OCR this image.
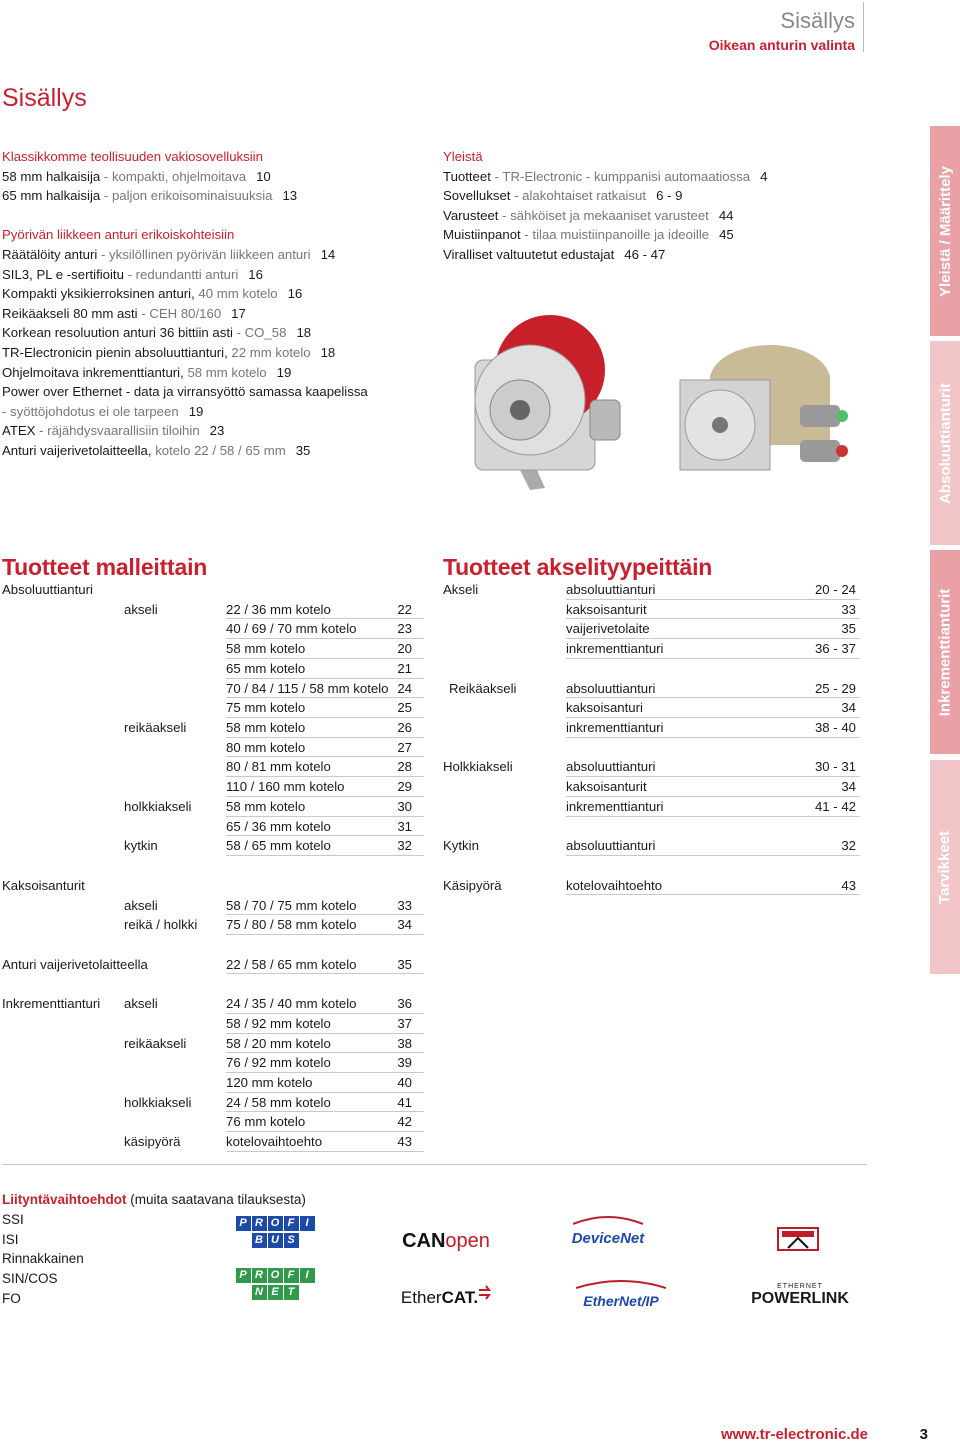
Sisällys
Oikean anturin valinta
Sisällys
Klassikkomme teollisuuden vakiosovelluksiin
58 mm halkaisija - kompakti, ohjelmoitava 10
65 mm halkaisija - paljon erikoisominaisuuksia 13
Pyörivän liikkeen anturi erikoiskohteisiin
Räätälöity anturi - yksilöllinen pyörivän liikkeen anturi 14
SIL3, PL e -sertifioitu - redundantti anturi 16
Kompakti yksikierroksinen anturi, 40 mm kotelo 16
Reikäakseli 80 mm asti - CEH 80/160 17
Korkean resoluution anturi 36 bittiin asti - CO_58 18
TR-Electronicin pienin absoluuttianturi, 22 mm kotelo 18
Ohjelmoitava inkrementtianturi, 58 mm kotelo 19
Power over Ethernet - data ja virransyöttö samassa kaapelissa
- syöttöjohdotus ei ole tarpeen 19
ATEX - räjähdysvaarallisiin tiloihin 23
Anturi vaijerivetolaitteella, kotelo 22 / 58 / 65 mm 35
Yleistä
Tuotteet - TR-Electronic - kumppanisi automaatiossa 4
Sovellukset - alakohtaiset ratkaisut 6 - 9
Varusteet - sähköiset ja mekaaniset varusteet 44
Muistiinpanot - tilaa muistiinpanoille ja ideoille 45
Viralliset valtuutetut edustajat 46 - 47
Tuotteet malleittain	Tuotteet akselityypeittäin
Absoluuttianturi
akseli	22 / 36 mm kotelo	22
40 / 69 / 70 mm kotelo	23
58 mm kotelo	20
65 mm kotelo	21
70 / 84 / 115 / 58 mm kotelo 24
75 mm kotelo	25
reikäakseli	58 mm kotelo	26
80 mm kotelo	27
80 / 81 mm kotelo	28
110 / 160 mm kotelo	29
holkkiakseli	58 mm kotelo	30
65 / 36 mm kotelo	31
kytkin	58 / 65 mm kotelo	32
Kaksoisanturit
akseli	58 / 70 / 75 mm kotelo	33
reikä / holkki 75 / 80 / 58 mm kotelo	34
Anturi vaijerivetolaitteella	22 / 58 / 65 mm kotelo	35
Inkrementtianturi akseli	24 / 35 / 40 mm kotelo	36
58 / 92 mm kotelo	37
reikäakseli	58 / 20 mm kotelo	38
76 / 92 mm kotelo	39
120 mm kotelo	40
holkkiakseli	24 / 58 mm kotelo	41
76 mm kotelo	42
käsipyörä	kotelovaihtoehto	43
Akseli	absoluuttianturi	20 - 24
kaksoisanturit	33
vaijerivetolaite	35
inkrementtianturi	36 - 37
Reikäakseli	absoluuttianturi	25 - 29
kaksoisanturi	34
inkrementtianturi	38 - 40
Holkkiakseli	absoluuttianturi	30 - 31
kaksoisanturit	34
inkrementtianturi	41 - 42
Kytkin	absoluuttianturi	32
Käsipyörä	kotelovaihtoehto	43
Liityntävaihtoehdot (muita saatavana tilauksesta)
SSI
ISI
Rinnakkainen
SIN/COS
FO
P R O F	I
B U S
P R O F	I
N E T
CAN open
Ether CAT.
DeviceNet
EtherNet/IP
ETHERNET
POWERLINK
Yleistä / Määrittely
Absoluuttianturit
Inkrementtianturit
Tarvikkeet
www.tr-electronic.de	3
